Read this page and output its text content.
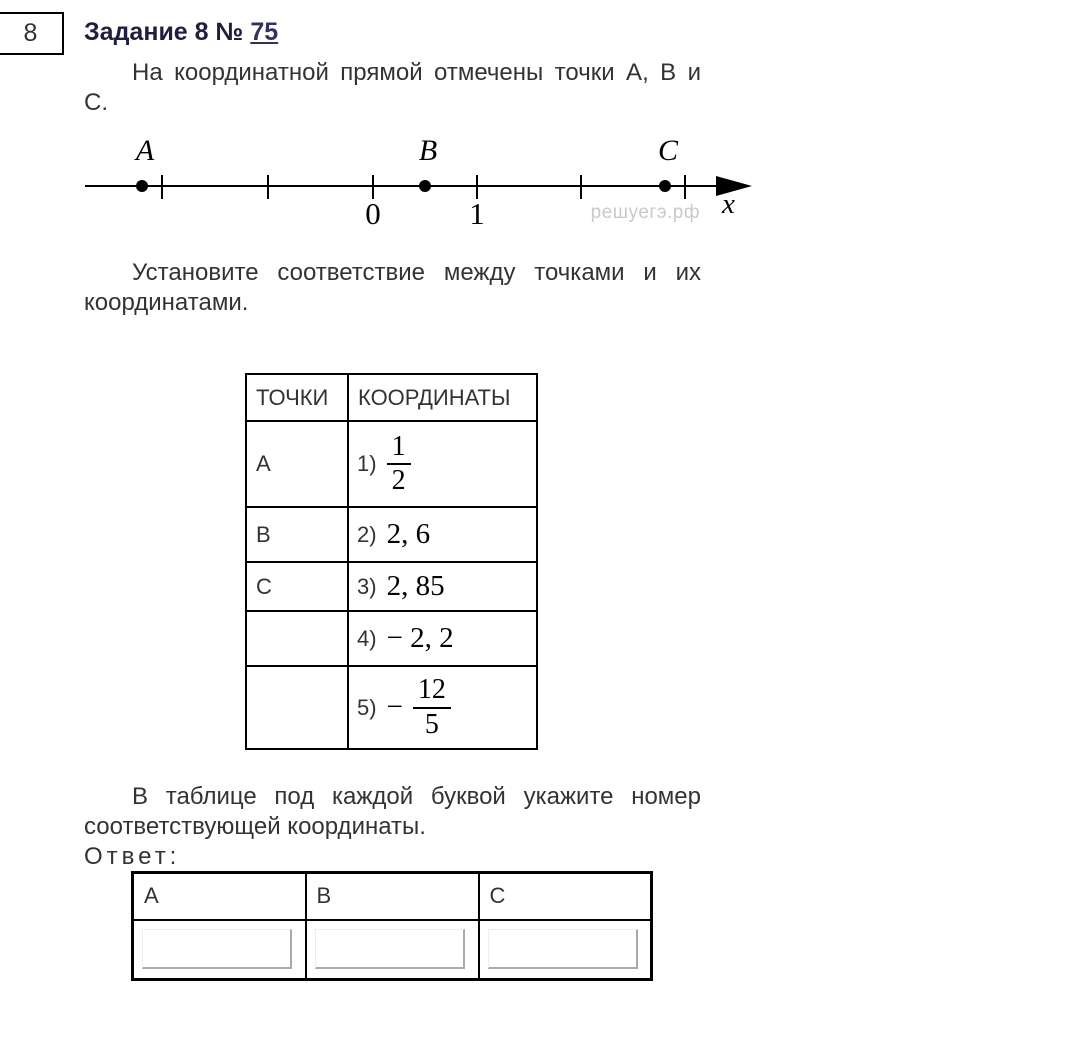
8 Задание 8 № 75
На координатной прямой отмечены точки А, В и
С.
решуегэ.рф x
0	1
А	В	С
Установите соответствие между точками и их
координатами.
ТОЧКИ	КООРДИНАТЫ
А	$1) \frac{1}{2}$

В	2) 2, 6

С	3) 2, 85

	4) − 2, 2

	$5) - \frac{12}{5}$
В таблице под каждой буквой укажите номер
соответствующей координаты.
Ответ:
А	В	С
